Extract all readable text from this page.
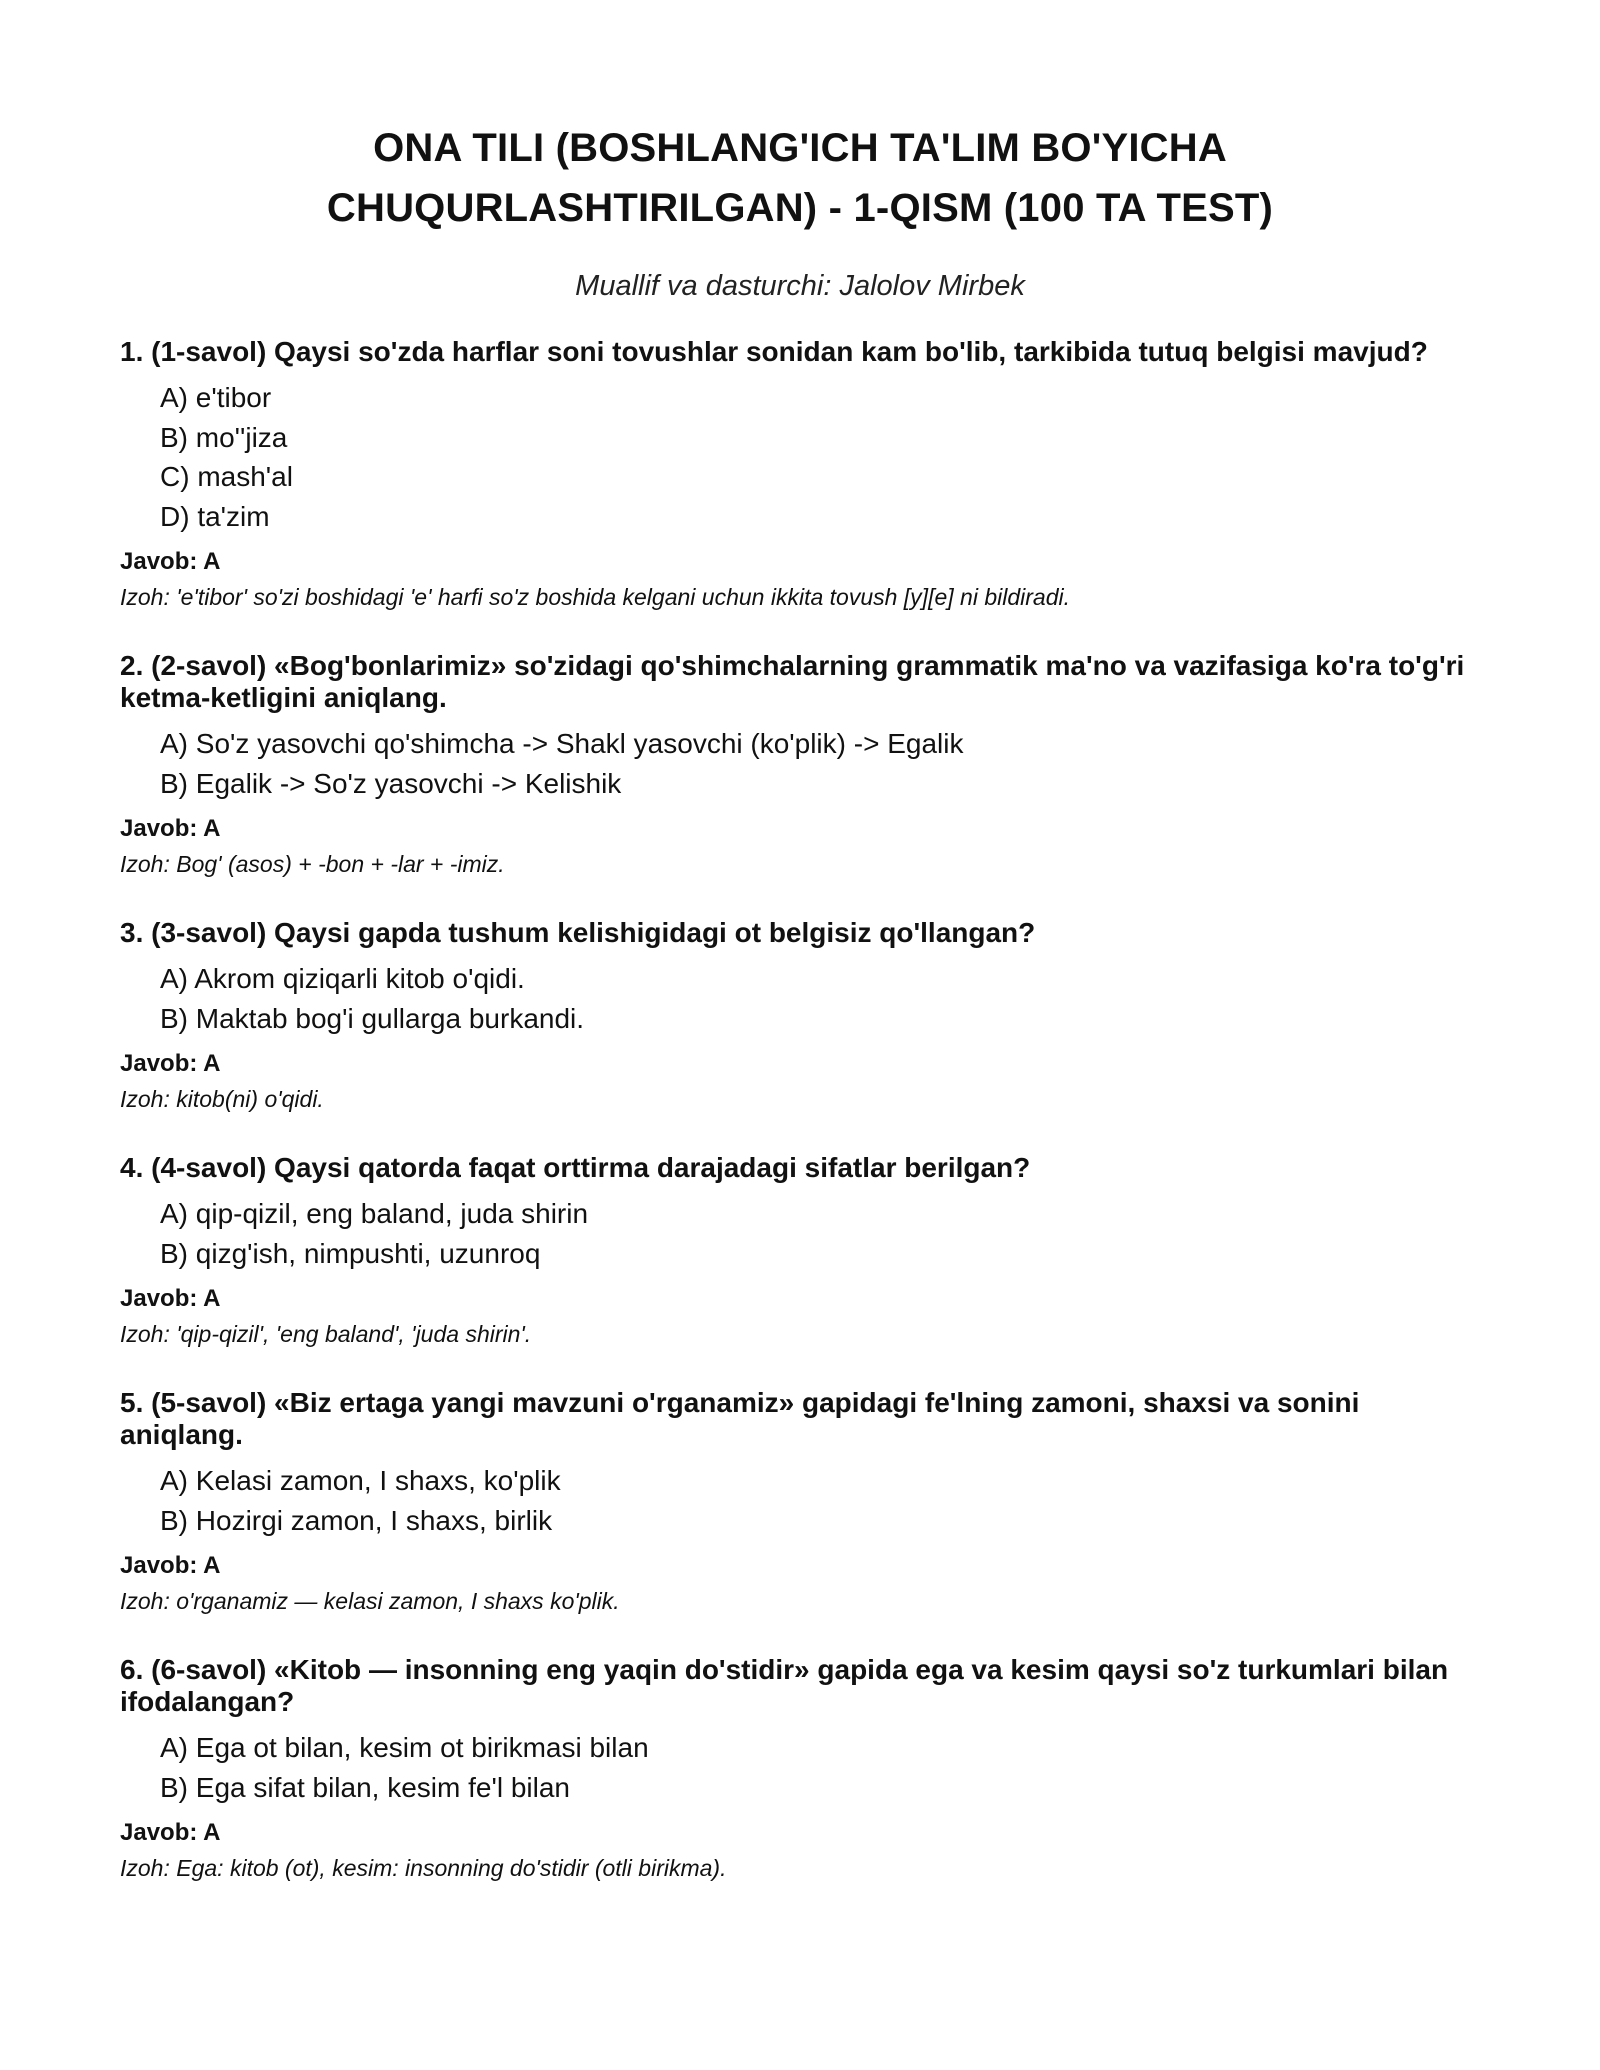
ONA TILI (BOSHLANG'ICH TA'LIM BO'YICHA
CHUQURLASHTIRILGAN) - 1-QISM (100 TA TEST)

Muallif va dasturchi: Jalolov Mirbek

1. (1-savol) Qaysi so'zda harflar soni tovushlar sonidan kam bo'lib, tarkibida tutuq belgisi mavjud?

A) e'tibor
B) mo''jiza
C) mash'al
D) ta'zim

Javob: A

Izoh: 'e'tibor' so'zi boshidagi 'e' harfi so'z boshida kelgani uchun ikkita tovush [y][e] ni bildiradi.

2. (2-savol) «Bog'bonlarimiz» so'zidagi qo'shimchalarning grammatik ma'no va vazifasiga ko'ra to'g'ri ketma-ketligini aniqlang.

A) So'z yasovchi qo'shimcha -> Shakl yasovchi (ko'plik) -> Egalik
B) Egalik -> So'z yasovchi -> Kelishik

Javob: A

Izoh: Bog' (asos) + -bon + -lar + -imiz.

3. (3-savol) Qaysi gapda tushum kelishigidagi ot belgisiz qo'llangan?

A) Akrom qiziqarli kitob o'qidi.
B) Maktab bog'i gullarga burkandi.

Javob: A

Izoh: kitob(ni) o'qidi.

4. (4-savol) Qaysi qatorda faqat orttirma darajadagi sifatlar berilgan?

A) qip-qizil, eng baland, juda shirin
B) qizg'ish, nimpushti, uzunroq

Javob: A

Izoh: 'qip-qizil', 'eng baland', 'juda shirin'.

5. (5-savol) «Biz ertaga yangi mavzuni o'rganamiz» gapidagi fe'lning zamoni, shaxsi va sonini aniqlang.

A) Kelasi zamon, I shaxs, ko'plik
B) Hozirgi zamon, I shaxs, birlik

Javob: A

Izoh: o'rganamiz — kelasi zamon, I shaxs ko'plik.

6. (6-savol) «Kitob — insonning eng yaqin do'stidir» gapida ega va kesim qaysi so'z turkumlari bilan ifodalangan?

A) Ega ot bilan, kesim ot birikmasi bilan
B) Ega sifat bilan, kesim fe'l bilan

Javob: A

Izoh: Ega: kitob (ot), kesim: insonning do'stidir (otli birikma).
